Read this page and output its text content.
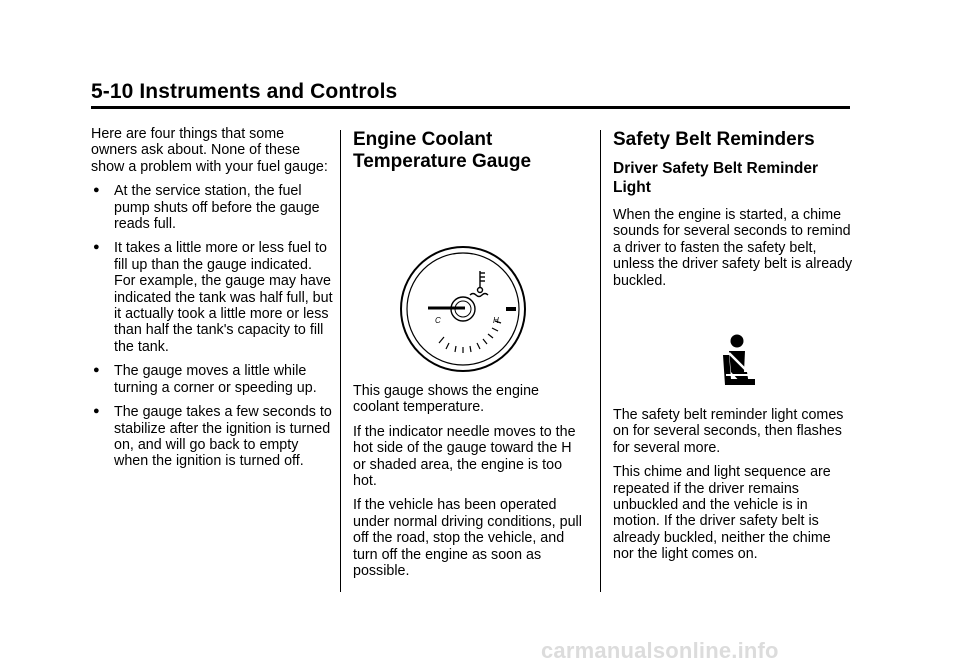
5-10 Instruments and Controls

Here are four things that some owners ask about. None of these show a problem with your fuel gauge:

● At the service station, the fuel pump shuts off before the gauge reads full.
● It takes a little more or less fuel to fill up than the gauge indicated. For example, the gauge may have indicated the tank was half full, but it actually took a little more or less than half the tank's capacity to fill the tank.
● The gauge moves a little while turning a corner or speeding up.
● The gauge takes a few seconds to stabilize after the ignition is turned on, and will go back to empty when the ignition is turned off.
Engine Coolant
Temperature Gauge
C	H

This gauge shows the engine coolant temperature.

If the indicator needle moves to the hot side of the gauge toward the H or shaded area, the engine is too hot.

If the vehicle has been operated under normal driving conditions, pull off the road, stop the vehicle, and turn off the engine as soon as possible.

Safety Belt Reminders
Driver Safety Belt Reminder
Light

When the engine is started, a chime sounds for several seconds to remind a driver to fasten the safety belt, unless the driver safety belt is already buckled.

The safety belt reminder light comes on for several seconds, then flashes for several more.

This chime and light sequence are repeated if the driver remains unbuckled and the vehicle is in motion. If the driver safety belt is already buckled, neither the chime nor the light comes on.

carmanualsonline.info
